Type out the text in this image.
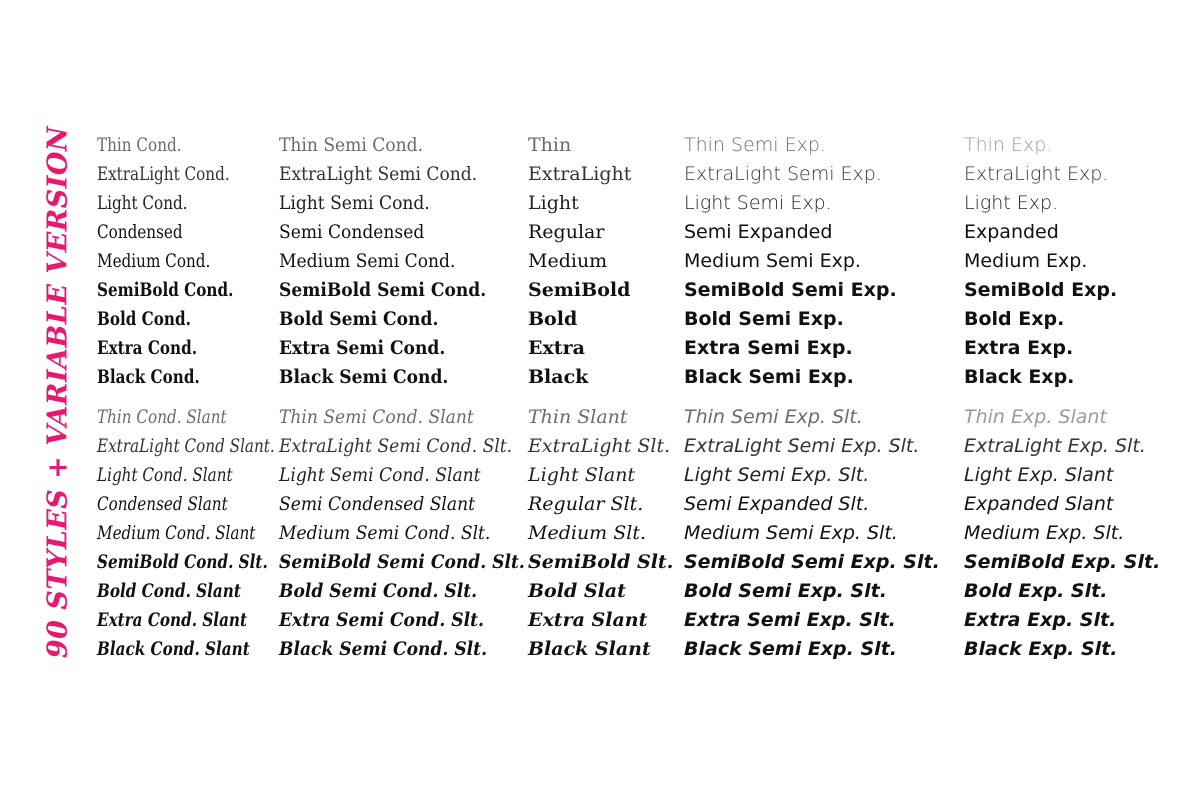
90 STYLES + VARIABLE VERSION Thin Cond.
ExtraLight Cond.
Light Cond.
Condensed
Medium Cond.
SemiBold Cond.
Bold Cond.
Extra Cond.
Black Cond.
Thin Cond. Slant
ExtraLight Cond Slant.
Light Cond. Slant
Condensed Slant
Medium Cond. Slant
SemiBold Cond. Slt.
Bold Cond. Slant
Extra Cond. Slant
Black Cond. Slant
Thin Semi Cond.
ExtraLight Semi Cond.
Light Semi Cond.
Semi Condensed
Medium Semi Cond.
SemiBold Semi Cond.
Bold Semi Cond.
Extra Semi Cond.
Black Semi Cond.
Thin Semi Cond. Slant
ExtraLight Semi Cond. Slt.
Light Semi Cond. Slant
Semi Condensed Slant
Medium Semi Cond. Slt.
SemiBold Semi Cond. Slt.
Bold Semi Cond. Slt.
Extra Semi Cond. Slt.
Black Semi Cond. Slt.
Thin
ExtraLight
Light
Regular
Medium
SemiBold
Bold
Extra
Black
Thin Slant
ExtraLight Slt.
Light Slant
Regular Slt.
Medium Slt.
SemiBold Slt.
Bold Slat
Extra Slant
Black Slant
Thin Semi Exp.
ExtraLight Semi Exp.
Light Semi Exp.
Semi Expanded
Medium Semi Exp.
SemiBold Semi Exp.
Bold Semi Exp.
Extra Semi Exp.
Black Semi Exp.
Thin Semi Exp. Slt.
ExtraLight Semi Exp. Slt.
Light Semi Exp. Slt.
Semi Expanded Slt.
Medium Semi Exp. Slt.
SemiBold Semi Exp. Slt.
Bold Semi Exp. Slt.
Extra Semi Exp. Slt.
Black Semi Exp. Slt.
Thin Exp.
ExtraLight Exp.
Light Exp.
Expanded
Medium Exp.
SemiBold Exp.
Bold Exp.
Extra Exp.
Black Exp.
Thin Exp. Slant
ExtraLight Exp. Slt.
Light Exp. Slant
Expanded Slant
Medium Exp. Slt.
SemiBold Exp. Slt.
Bold Exp. Slt.
Extra Exp. Slt.
Black Exp. Slt.
